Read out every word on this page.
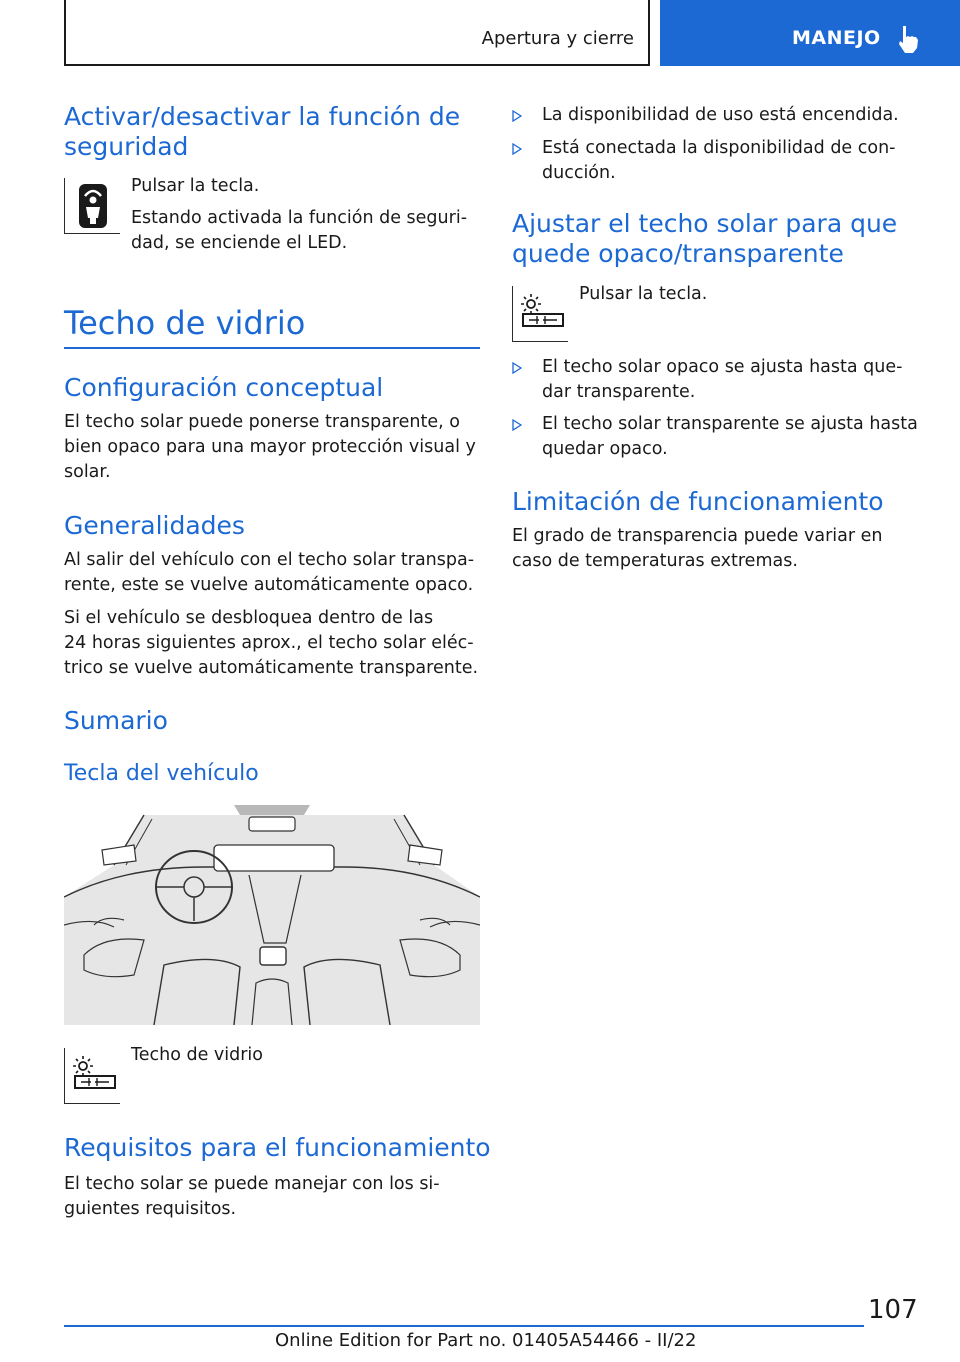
Apertura y cierre	MANEJO
Activar/desactivar la función de
seguridad
Pulsar la tecla.
Estando activada la función de seguri-
dad, se enciende el LED.
Techo de vidrio
Configuración conceptual
El techo solar puede ponerse transparente, o
bien opaco para una mayor protección visual y
solar.
Generalidades
Al salir del vehículo con el techo solar transpa-
rente, este se vuelve automáticamente opaco.
Si el vehículo se desbloquea dentro de las
24 horas siguientes aprox., el techo solar eléc-
trico se vuelve automáticamente transparente.
Sumario
Tecla del vehículo
Techo de vidrio
Requisitos para el funcionamiento
El techo solar se puede manejar con los si-
guientes requisitos.
La disponibilidad de uso está encendida.
Está conectada la disponibilidad de con-
ducción.
Ajustar el techo solar para que
quede opaco/transparente
Pulsar la tecla.
El techo solar opaco se ajusta hasta que-
dar transparente.
El techo solar transparente se ajusta hasta
quedar opaco.
Limitación de funcionamiento
El grado de transparencia puede variar en
caso de temperaturas extremas.
107
Online Edition for Part no. 01405A54466 - II/22
